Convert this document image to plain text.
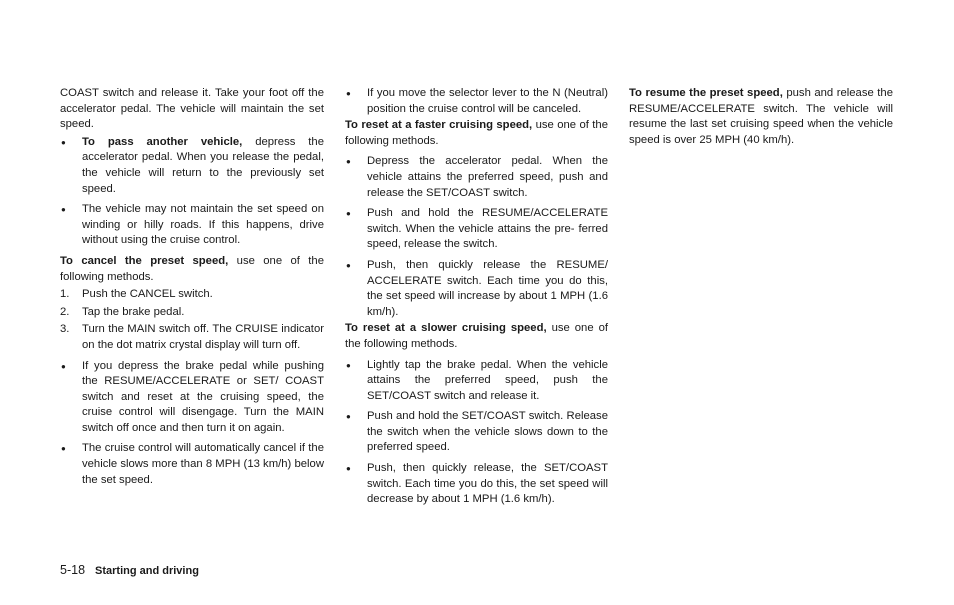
COAST switch and release it. Take your foot off the accelerator pedal. The vehicle will maintain the set speed.

● To pass another vehicle, depress the accelerator pedal. When you release the pedal, the vehicle will return to the previously set speed.
● The vehicle may not maintain the set speed on winding or hilly roads. If this happens, drive without using the cruise control.

To cancel the preset speed, use one of the following methods.

1. Push the CANCEL switch.
2. Tap the brake pedal.
3. Turn the MAIN switch off. The CRUISE indicator on the dot matrix crystal display will turn off.
● If you depress the brake pedal while pushing the RESUME/ACCELERATE or SET/ COAST switch and reset at the cruising speed, the cruise control will disengage. Turn the MAIN switch off once and then turn it on again.
● The cruise control will automatically cancel if the vehicle slows more than 8 MPH (13 km/h) below the set speed.
● If you move the selector lever to the N (Neutral) position the cruise control will be canceled.

To reset at a faster cruising speed, use one of the following methods.

● Depress the accelerator pedal. When the vehicle attains the preferred speed, push and release the SET/COAST switch.
● Push and hold the RESUME/ACCELERATE switch. When the vehicle attains the pre- ferred speed, release the switch.
● Push, then quickly release the RESUME/ ACCELERATE switch. Each time you do this, the set speed will increase by about 1 MPH (1.6 km/h).

To reset at a slower cruising speed, use one of the following methods.

● Lightly tap the brake pedal. When the vehicle attains the preferred speed, push the SET/COAST switch and release it.
● Push and hold the SET/COAST switch. Release the switch when the vehicle slows down to the preferred speed.
● Push, then quickly release, the SET/COAST switch. Each time you do this, the set speed will decrease by about 1 MPH (1.6 km/h).

To resume the preset speed, push and release the RESUME/ACCELERATE switch. The vehicle will resume the last set cruising speed when the vehicle speed is over 25 MPH (40 km/h).

5-18 Starting and driving
